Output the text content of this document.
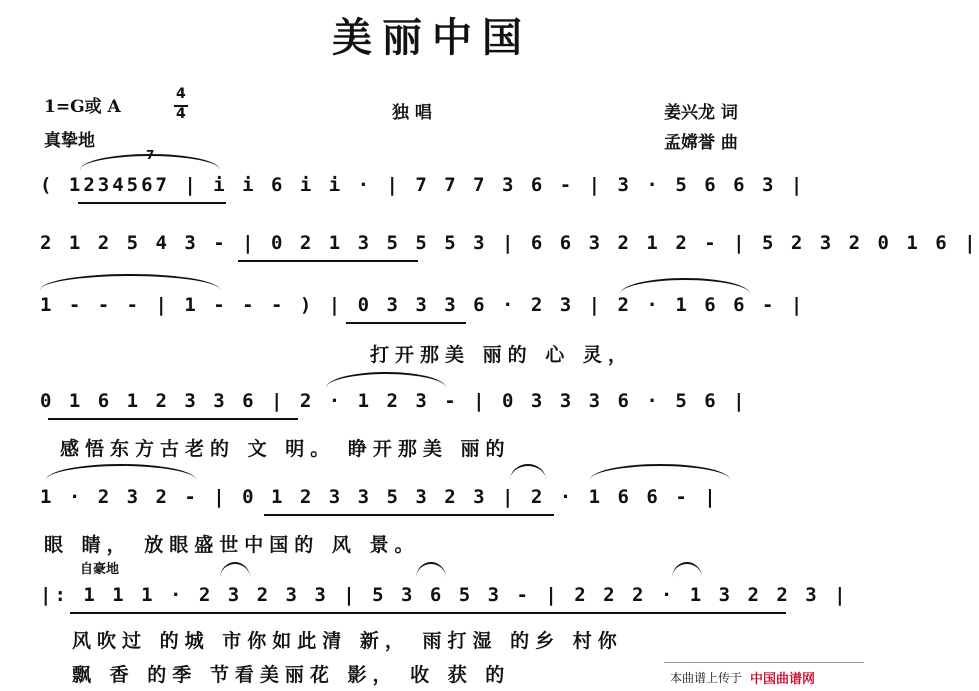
美丽中国
1=G或 A
4
4
真挚地
独 唱	姜兴龙 词
孟嫦誉 曲
7
( 1234567 | i i 6 i i · | 7 7 7 3 6 - | 3 · 5 6 6 3 |
2 1 2 5 4 3 - | 0 2 1 3 5 5 5 3 | 6 6 3 2 1 2 - | 5 2 3 2 0 1 6 |
1 - - - | 1 - - - ) | 0 3 3 3 6 · 2 3 | 2 · 1 6 6 - |
打开那美 丽的 心 灵，
0 1 6 1 2 3 3 6 | 2 · 1 2 3 - | 0 3 3 3 6 · 5 6 |
感悟东方古老的 文 明。 睁开那美 丽的
1 · 2 3 2 - | 0 1 2 3 3 5 3 2 3 | 2 · 1 6 6 - |
眼 睛， 放眼盛世中国的 风 景。
自豪地
|: 1 1 1 · 2 3 2 3 3 | 5 3 6 5 3 - | 2 2 2 · 1 3 2 2 3 |
风吹过 的城 市你如此清 新， 雨打湿 的乡 村你
飘 香 的季 节看美丽花 影， 收 获 的	本曲谱上传于 中国曲谱网
